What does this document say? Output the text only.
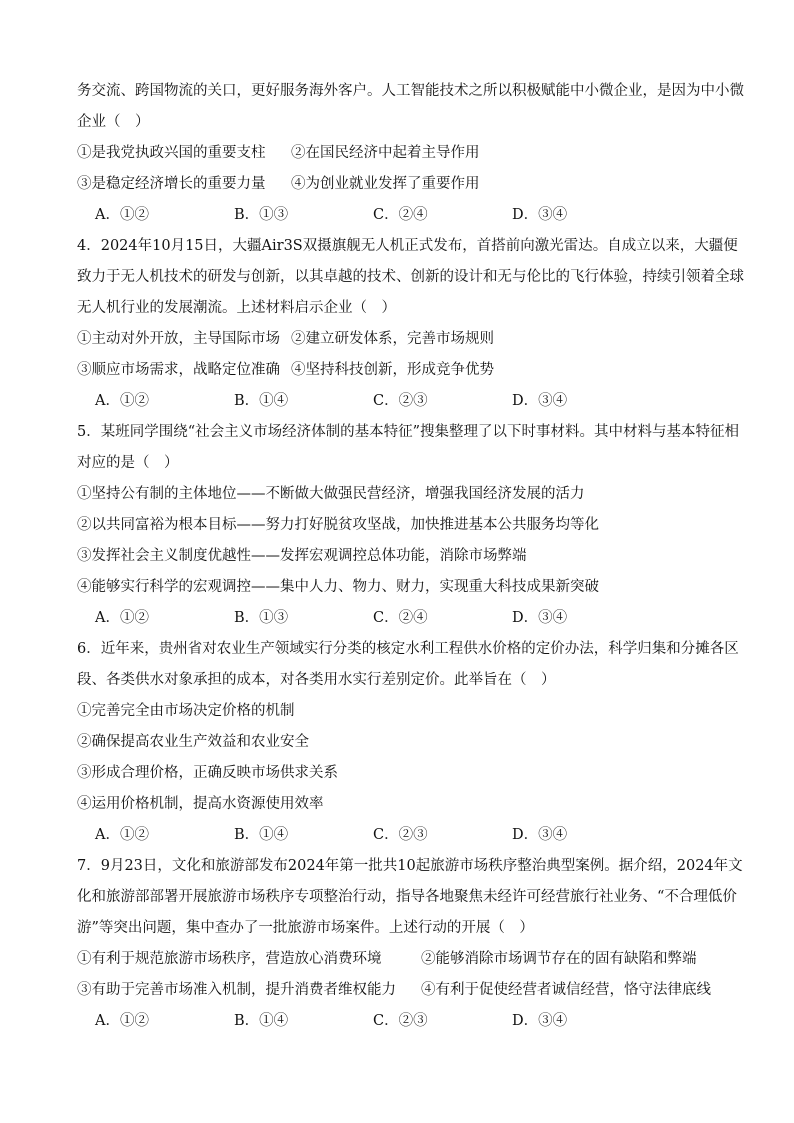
务交流、跨国物流的关口，更好服务海外客户。人工智能技术之所以积极赋能中小微企业，是因为中小微
企业（　）
①是我党执政兴国的重要支柱	②在国民经济中起着主导作用
③是稳定经济增长的重要力量	④为创业就业发挥了重要作用
A．①②	B．①③	C．②④	D．③④
4．2024年10月15日，大疆Air3S双摄旗舰无人机正式发布，首搭前向激光雷达。自成立以来，大疆便
致力于无人机技术的研发与创新，以其卓越的技术、创新的设计和无与伦比的飞行体验，持续引领着全球
无人机行业的发展潮流。上述材料启示企业（　）
①主动对外开放，主导国际市场 ②建立研发体系，完善市场规则
③顺应市场需求，战略定位准确 ④坚持科技创新，形成竞争优势
A．①②	B．①④	C．②③	D．③④
5．某班同学围绕“社会主义市场经济体制的基本特征”搜集整理了以下时事材料。其中材料与基本特征相
对应的是（　）
①坚持公有制的主体地位——不断做大做强民营经济，增强我国经济发展的活力
②以共同富裕为根本目标——努力打好脱贫攻坚战，加快推进基本公共服务均等化
③发挥社会主义制度优越性——发挥宏观调控总体功能，消除市场弊端
④能够实行科学的宏观调控——集中人力、物力、财力，实现重大科技成果新突破
A．①②	B．①③	C．②④	D．③④
6．近年来，贵州省对农业生产领域实行分类的核定水利工程供水价格的定价办法，科学归集和分摊各区
段、各类供水对象承担的成本，对各类用水实行差别定价。此举旨在（　）
①完善完全由市场决定价格的机制
②确保提高农业生产效益和农业安全
③形成合理价格，正确反映市场供求关系
④运用价格机制，提高水资源使用效率
A．①②	B．①④	C．②③	D．③④
7．9月23日，文化和旅游部发布2024年第一批共10起旅游市场秩序整治典型案例。据介绍，2024年文
化和旅游部部署开展旅游市场秩序专项整治行动，指导各地聚焦未经许可经营旅行社业务、“不合理低价
游”等突出问题，集中查办了一批旅游市场案件。上述行动的开展（　）
①有利于规范旅游市场秩序，营造放心消费环境	②能够消除市场调节存在的固有缺陷和弊端
③有助于完善市场准入机制，提升消费者维权能力	④有利于促使经营者诚信经营，恪守法律底线
A．①②	B．①④	C．②③	D．③④
